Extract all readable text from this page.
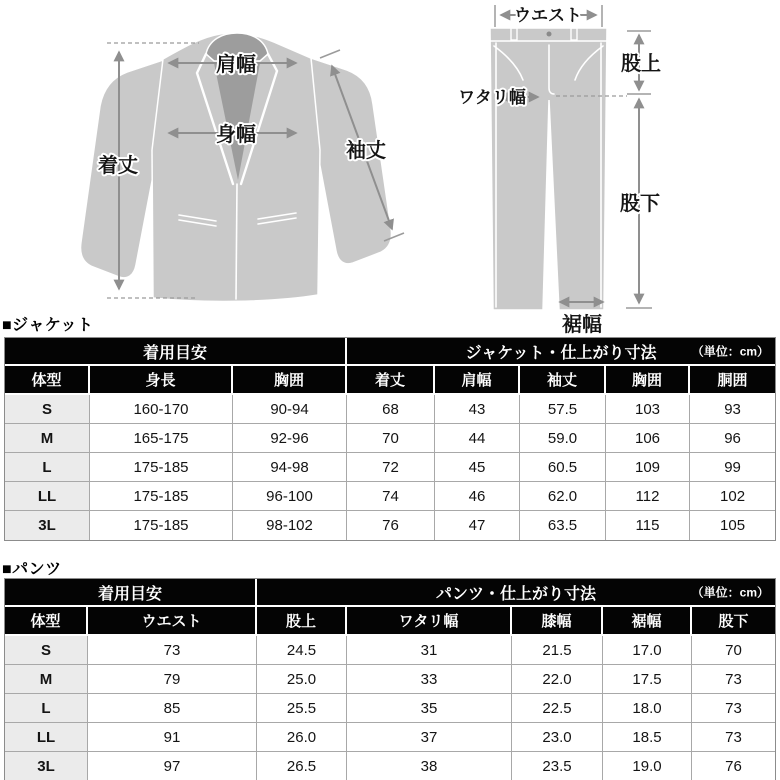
着丈
肩幅
身幅
袖丈
ウエスト
股上
ワタリ幅
股下
裾幅
■ジャケット
着用目安			ジャケット・仕上がり寸法 （単位：cm）				

体型	身長	胸囲	着丈	肩幅	袖丈	胸囲	胴囲
S	160-170	90-94	68	43	57.5	103	93
M	165-175	92-96	70	44	59.0	106	96
L	175-185	94-98	72	45	60.5	109	99
LL	175-185	96-100	74	46	62.0	112	102
3L	175-185	98-102	76	47	63.5	115	105
■パンツ
着用目安		パンツ・仕上がり寸法 （単位：cm）				

体型	ウエスト	股上	ワタリ幅	膝幅	裾幅	股下
S	73	24.5	31	21.5	17.0	70
M	79	25.0	33	22.0	17.5	73
L	85	25.5	35	22.5	18.0	73
LL	91	26.0	37	23.0	18.5	73
3L	97	26.5	38	23.5	19.0	76
